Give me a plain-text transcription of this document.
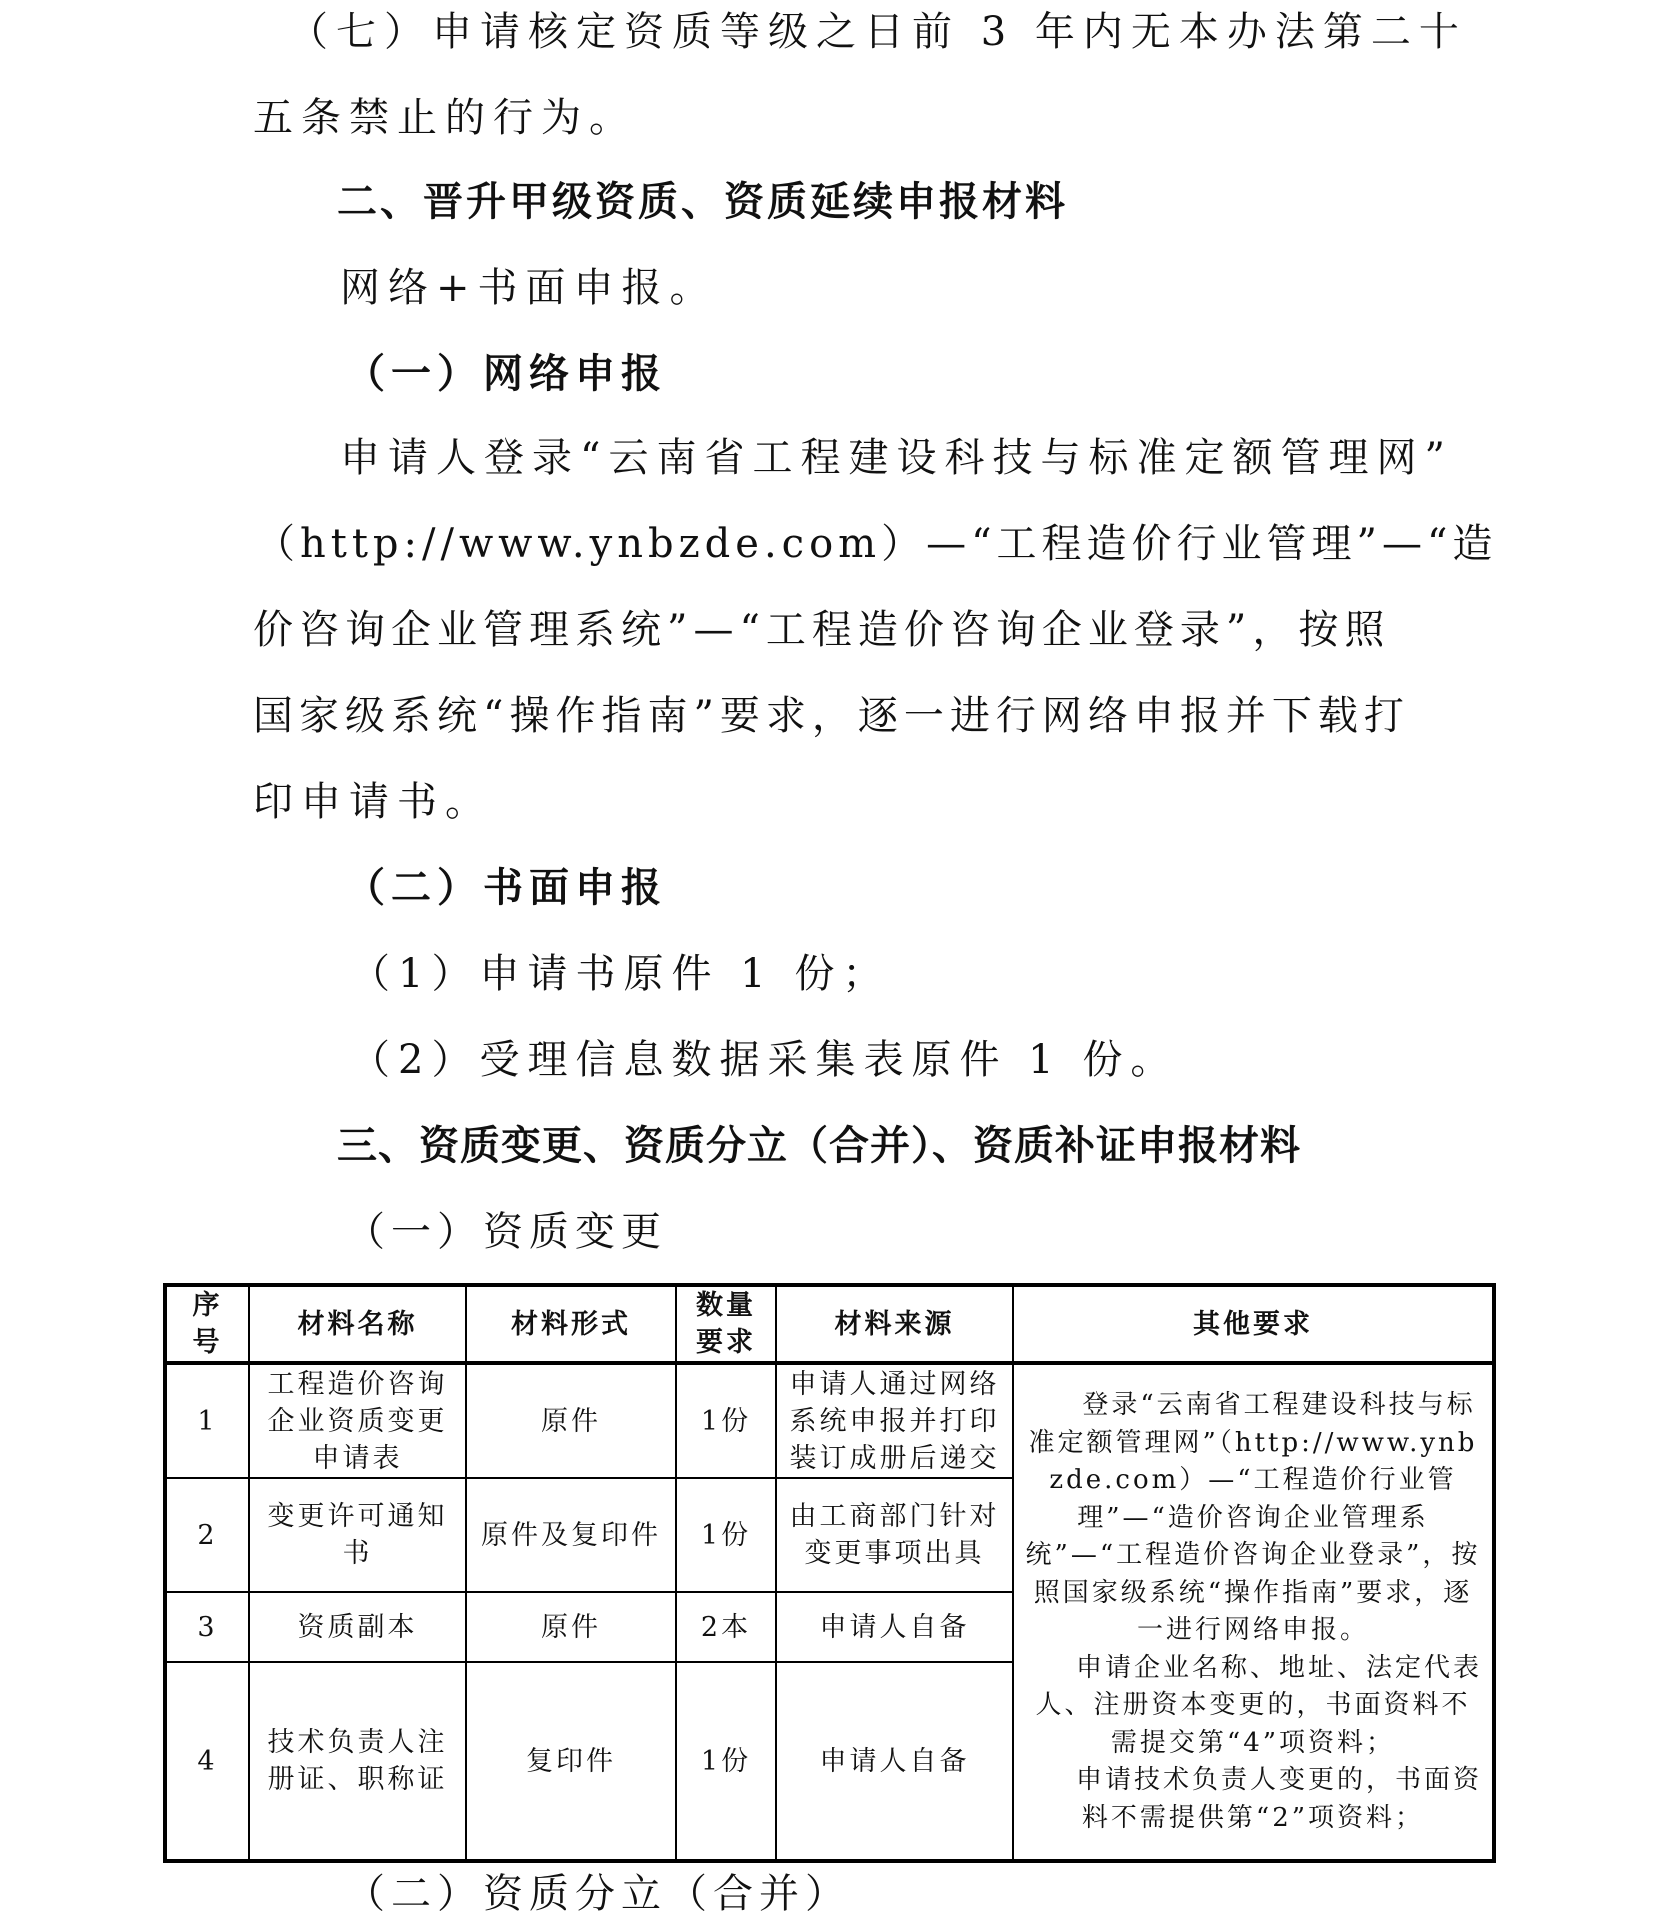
（七）申请核定资质等级之日前 3 年内无本办法第二十
五条禁止的行为。
二、晋升甲级资质、资质延续申报材料
网络+书面申报。
（一）网络申报
申请人登录“云南省工程建设科技与标准定额管理网”
（http://www.ynbzde.com）—“工程造价行业管理”—“造
价咨询企业管理系统”—“工程造价咨询企业登录”，按照
国家级系统“操作指南”要求，逐一进行网络申报并下载打
印申请书。
（二）书面申报
（1）申请书原件 1 份；
（2）受理信息数据采集表原件 1 份。
三、资质变更、资质分立（合并）、资质补证申报材料
（一）资质变更
序号	材料名称	材料形式	数量要求	材料来源	其他要求
1	工程造价咨询企业资质变更申请表	原件	1份	申请人通过网络系统申报并打印装订成册后递交	登录“云南省工程建设科技与标准定额管理网”（http://www.ynbzde.com）—“工程造价行业管理”—“造价咨询企业管理系统”—“工程造价咨询企业登录”，按照国家级系统“操作指南”要求，逐一进行网络申报。

申请企业名称、地址、法定代表人、注册资本变更的，书面资料不需提交第“4”项资料；

申请技术负责人变更的，书面资料不需提供第“2”项资料；

2	变更许可通知书	原件及复印件	1份	由工商部门针对变更事项出具	
3	资质副本	原件	2本	申请人自备	
4	技术负责人注册证、职称证	复印件	1份	申请人自备	
（二）资质分立（合并）
